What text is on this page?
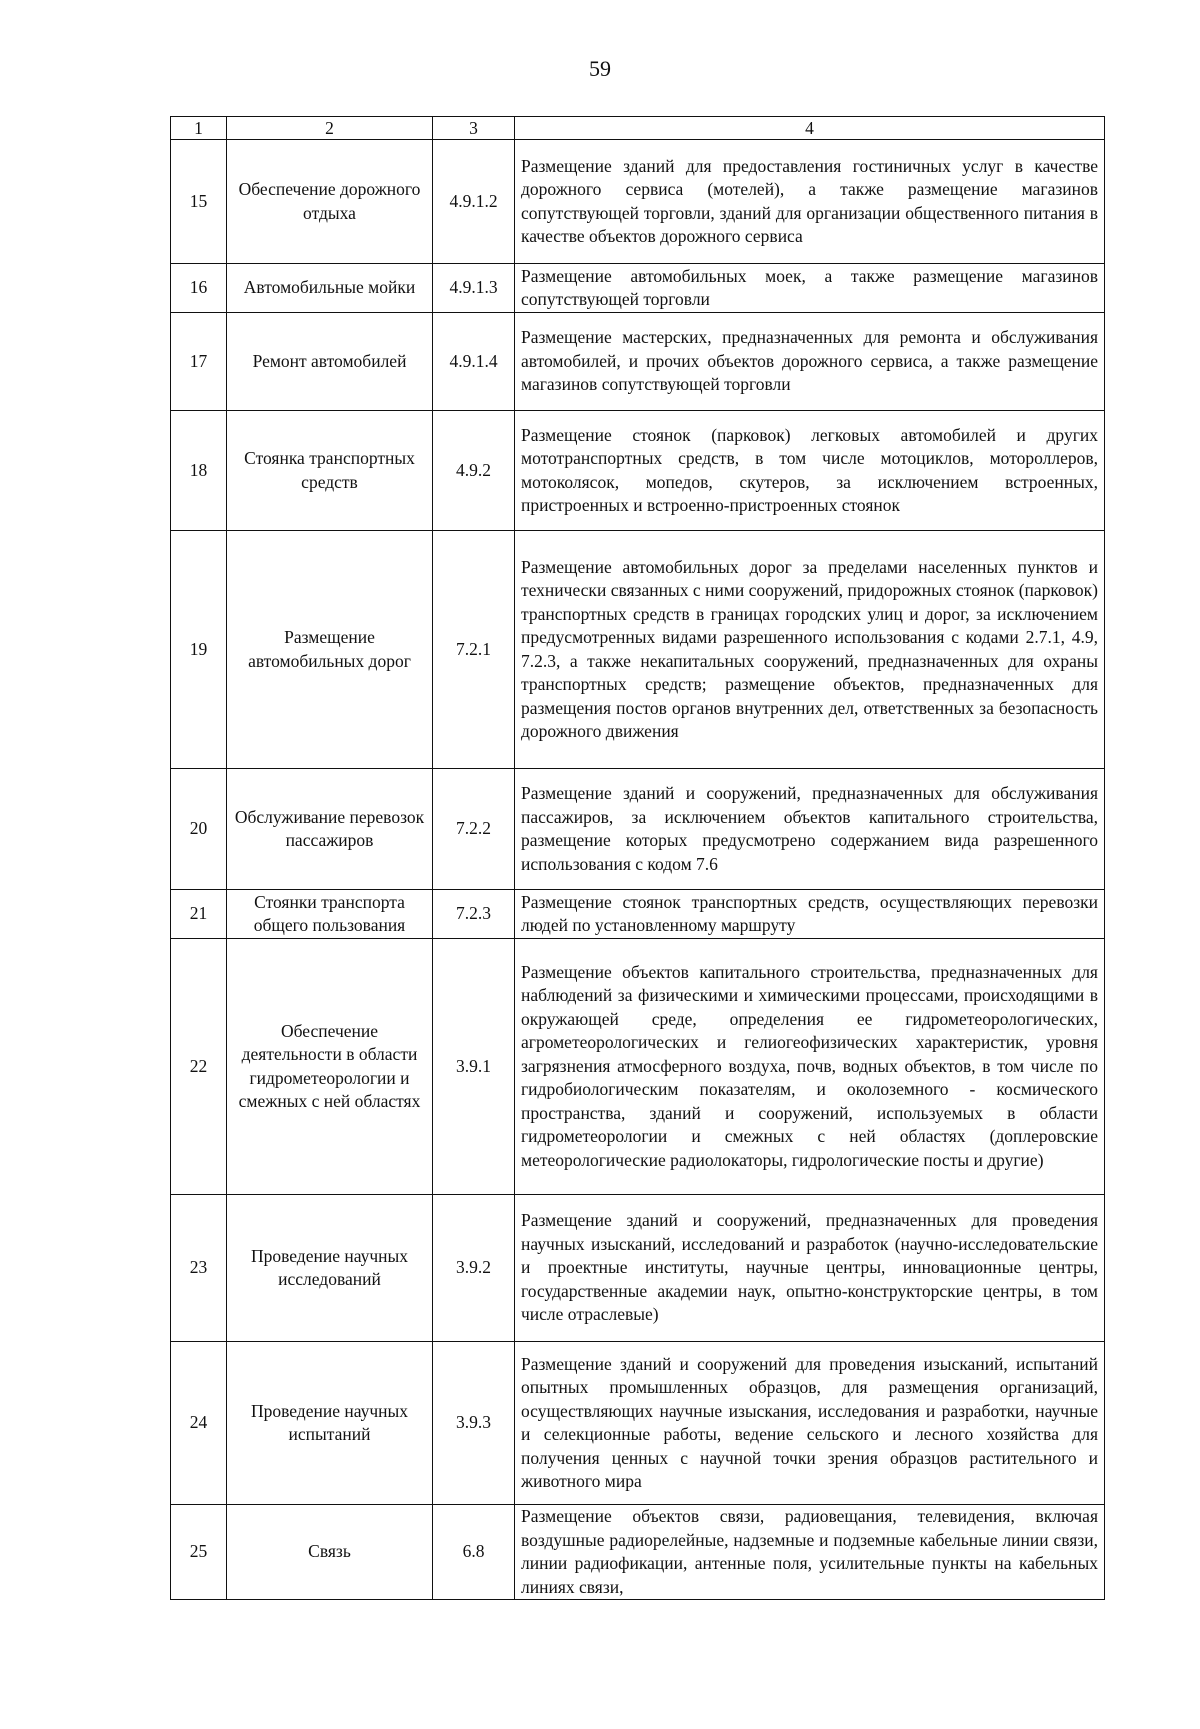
59
1	2	3	4
15	Обеспечение дорожного отдыха	4.9.1.2	Размещение зданий для предоставления гостиничных услуг в качестве дорожного сервиса (мотелей), а также размещение магазинов сопутствующей торговли, зданий для организации общественного питания в качестве объектов дорожного сервиса
16	Автомобильные мойки	4.9.1.3	Размещение автомобильных моек, а также размещение магазинов сопутствующей торговли
17	Ремонт автомобилей	4.9.1.4	Размещение мастерских, предназначенных для ремонта и обслуживания автомобилей, и прочих объектов дорожного сервиса, а также размещение магазинов сопутствующей торговли
18	Стоянка транспортных средств	4.9.2	Размещение стоянок (парковок) легковых автомобилей и других мототранспортных средств, в том числе мотоциклов, мотороллеров, мотоколясок, мопедов, скутеров, за исключением встроенных, пристроенных и встроенно-пристроенных стоянок
19	Размещение автомобильных дорог	7.2.1	Размещение автомобильных дорог за пределами населенных пунктов и технически связанных с ними сооружений, придорожных стоянок (парковок) транспортных средств в границах городских улиц и дорог, за исключением предусмотренных видами разрешенного использования с кодами 2.7.1, 4.9, 7.2.3, а также некапитальных сооружений, предназначенных для охраны транспортных средств; размещение объектов, предназначенных для размещения постов органов внутренних дел, ответственных за безопасность дорожного движения
20	Обслуживание перевозок пассажиров	7.2.2	Размещение зданий и сооружений, предназначенных для обслуживания пассажиров, за исключением объектов капитального строительства, размещение которых предусмотрено содержанием вида разрешенного использования с кодом 7.6
21	Стоянки транспорта общего пользования	7.2.3	Размещение стоянок транспортных средств, осуществляющих перевозки людей по установленному маршруту
22	Обеспечение деятельности в области гидрометеорологии и смежных с ней областях	3.9.1	Размещение объектов капитального строительства, предназначенных для наблюдений за физическими и химическими процессами, происходящими в окружающей среде, определения ее гидрометеорологических, агрометеорологических и гелиогеофизических характеристик, уровня загрязнения атмосферного воздуха, почв, водных объектов, в том числе по гидробиологическим показателям, и околоземного - космического пространства, зданий и сооружений, используемых в области гидрометеорологии и смежных с ней областях (доплеровские метеорологические радиолокаторы, гидрологические посты и другие)
23	Проведение научных исследований	3.9.2	Размещение зданий и сооружений, предназначенных для проведения научных изысканий, исследований и разработок (научно-исследовательские и проектные институты, научные центры, инновационные центры, государственные академии наук, опытно-конструкторские центры, в том числе отраслевые)
24	Проведение научных испытаний	3.9.3	Размещение зданий и сооружений для проведения изысканий, испытаний опытных промышленных образцов, для размещения организаций, осуществляющих научные изыскания, исследования и разработки, научные и селекционные работы, ведение сельского и лесного хозяйства для получения ценных с научной точки зрения образцов растительного и животного мира
25	Связь	6.8	Размещение объектов связи, радиовещания, телевидения, включая воздушные радиорелейные, надземные и подземные кабельные линии связи, линии радиофикации, антенные поля, усилительные пункты на кабельных линиях связи,
